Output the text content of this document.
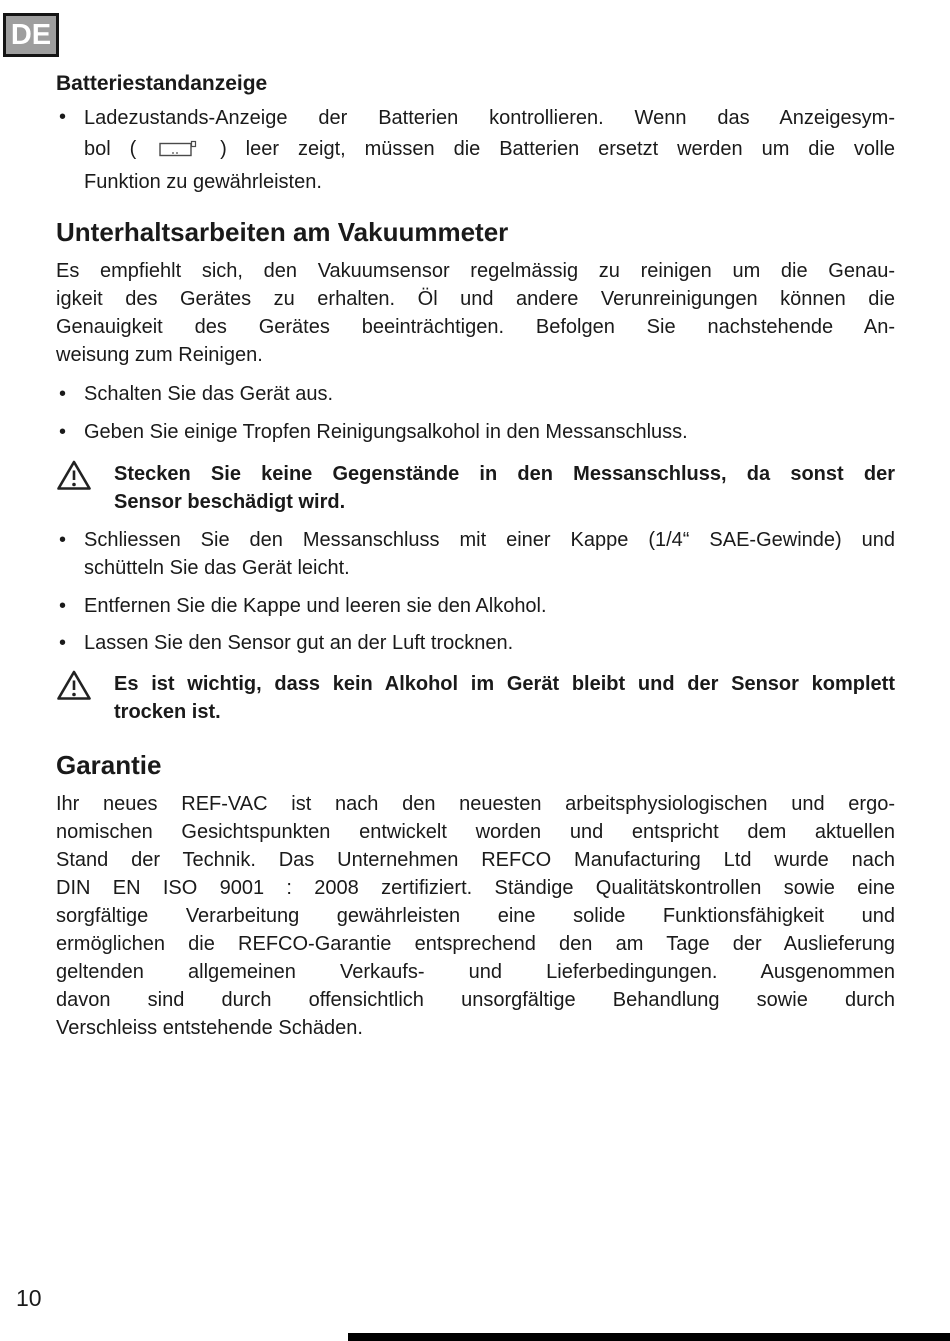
DE
Batteriestandanzeige
• Ladezustands-Anzeige der Batterien kontrollieren. Wenn das Anzeigesym-
bol (	) leer zeigt, müssen die Batterien ersetzt werden um die volle
Funktion zu gewährleisten.
Unterhaltsarbeiten am Vakuummeter
Es empfiehlt sich, den Vakuumsensor regelmässig zu reinigen um die Genau-
igkeit des Gerätes zu erhalten. Öl und andere Verunreinigungen können die
Genauigkeit des Gerätes beeinträchtigen. Befolgen Sie nachstehende An-
weisung zum Reinigen.
• Schalten Sie das Gerät aus.
• Geben Sie einige Tropfen Reinigungsalkohol in den Messanschluss.
Stecken Sie keine Gegenstände in den Messanschluss, da sonst der
Sensor beschädigt wird.
• Schliessen Sie den Messanschluss mit einer Kappe (1/4“ SAE-Gewinde) und
schütteln Sie das Gerät leicht.
• Entfernen Sie die Kappe und leeren sie den Alkohol.
• Lassen Sie den Sensor gut an der Luft trocknen.
Es ist wichtig, dass kein Alkohol im Gerät bleibt und der Sensor komplett
trocken ist.
Garantie
Ihr neues REF-VAC ist nach den neuesten arbeitsphysiologischen und ergo-
nomischen Gesichtspunkten entwickelt worden und entspricht dem aktuellen
Stand der Technik. Das Unternehmen REFCO Manufacturing Ltd wurde nach
DIN EN ISO 9001 : 2008 zertifiziert. Ständige Qualitätskontrollen sowie eine
sorgfältige Verarbeitung gewährleisten eine solide Funktionsfähigkeit und
ermöglichen die REFCO-Garantie entsprechend den am Tage der Auslieferung
geltenden allgemeinen Verkaufs- und Lieferbedingungen. Ausgenommen
davon sind durch offensichtlich unsorgfältige Behandlung sowie durch
Verschleiss entstehende Schäden.
10
